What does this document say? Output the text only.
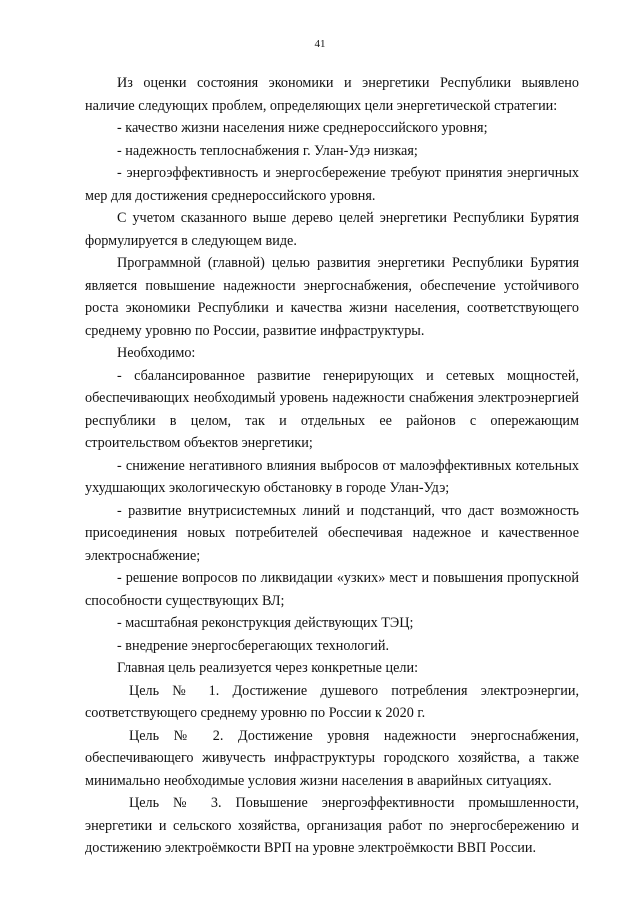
41

Из оценки состояния экономики и энергетики Республики выявлено наличие следующих проблем, определяющих цели энергетической стратегии:

- качество жизни населения ниже среднероссийского уровня;

- надежность теплоснабжения г. Улан-Удэ низкая;

- энергоэффективность и энергосбережение требуют принятия энергичных мер для достижения среднероссийского уровня.

С учетом сказанного выше дерево целей энергетики Республики Бурятия формулируется в следующем виде.

Программной (главной) целью развития энергетики Республики Бурятия является повышение надежности энергоснабжения, обеспечение устойчивого роста экономики Республики и качества жизни населения, соответствующего среднему уровню по России, развитие инфраструктуры.

Необходимо:

- сбалансированное развитие генерирующих и сетевых мощностей, обеспечивающих необходимый уровень надежности снабжения электроэнергией республики в целом, так и отдельных ее районов с опережающим строительством объектов энергетики;

- снижение негативного влияния выбросов от малоэффективных котельных ухудшающих экологическую обстановку в городе Улан-Удэ;

- развитие внутрисистемных линий и подстанций, что даст возможность присоединения новых потребителей обеспечивая надежное и качественное электроснабжение;

- решение вопросов по ликвидации «узких» мест и повышения пропускной способности существующих ВЛ;

- масштабная реконструкция действующих ТЭЦ;

- внедрение энергосберегающих технологий.

Главная цель реализуется через конкретные цели:

Цель № 1. Достижение душевого потребления электроэнергии, соответствующего среднему уровню по России к 2020 г.

Цель № 2. Достижение уровня надежности энергоснабжения, обеспечивающего живучесть инфраструктуры городского хозяйства, а также минимально необходимые условия жизни населения в аварийных ситуациях.

Цель № 3. Повышение энергоэффективности промышленности, энергетики и сельского хозяйства, организация работ по энергосбережению и достижению электроёмкости ВРП на уровне электроёмкости ВВП России.
